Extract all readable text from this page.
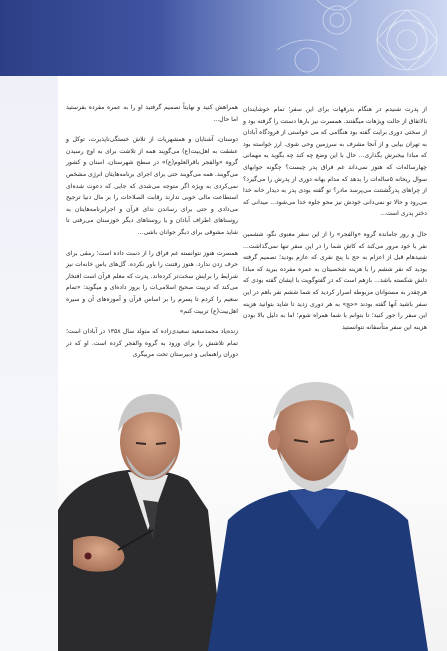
از پدرت شنیدم در هنگام بدرقهات برای این سفر؛ تمام خوشایندان بالاتفاق از حالت ویژهات میگفتند. همسرت نیز بارها دستت را گرفته بود و از سختی دوری برایت گفته بود هنگامی که می خواستی از فرودگاه آبادان به تهران بیایی و از آنجا مشرف به سرزمین وحی شوی. ارز خواسته بود که مبادا بیخبرش بگذاری... حال با این وضع چه کند چه بگوید به مهمانی چهارساله‌ات که هنوز نمی‌داند غم فراق پدر چیست؟ چگونه جوابهای سوال ریحانه ۵ساله‌ات را بدهد که مدام بهانه دوری از پدرش را می‌گیرد؟ از چراهای پدرکُشتنت می‌پرسد مادر؟ تو گفته بودی پدر به دیدار خانه خدا می‌رود و حالا تو نمی‌دانی خودش نیز محو جلوه خدا می‌شود... میدانی که دختر پدری است...

حال و روز جامانده گروه «والفجر» را از این سفر معنوی نگو، ششمین نفر با خود مرور می‌کند که کاش شما را در این سفر تنها نمی‌گذاشت... شنیدهام قبل از اعزام به حج با پنج نفری که عازم بودید؛ تصمیم گرفته بودید که نفر ششم را با هزینه شخصیتان به عمره مفرده ببرید که مبادا دلش شکسته باشد... بازهم است که در گفتوگویت با ایشان گفته بودی که هرچقدر به مستوانان مربوطه اصرار کردید که شما ششم نفر باهم در این سفر باشید آنها گفته بودند «حج» به هر دوری زدید تا شاید بتوانید هزینه این سفر را جور کنید؛ تا بتوانم با شما همراه شوم؛ اما به دلیل بالا بودن هزینه این سفر متأسفانه نتوانستید

همراهش کنید و نهایتاً تصمیم گرفتید او را به عمره مفرده بفرستید اما حال...

دوستان، آشنایان و همشهریات از تلاش خستگی‌ناپذیرت، توکل و عشقت به اهل‌بیت(ع) می‌گویند همه از تلاشت برای به اوج رسیدن گروه «والفجر باقرالعلوم(ع)» در سطح شهرستان، استان و کشور می‌گویند. همه می‌گویند حتی برای اجرای برنامه‌هایتان انرژی مشخص نمی‌کردی به ویژه اگر متوجه می‌شدی که جایی که دعوت شده‌ای استطاعت مالی خوبی ندارند رقابت الصلاحات را بر مال دنیا ترجیح می‌دادی و حتی برای رساندن ندای قرآن و اجرابرنامه‌هایتان به روستاهای اطراف آبادان و یا روستاهای دیگر خوزستان می‌رفتی تا شاید مشوقی برای دیگر جوانان باشی...

همسرت هنوز نتوانسته غم فراق را از دست داده است؛ رمقی برای حرف زدن ندارد. هنوز رفتنت را باور نکرده. گل‌های یاس خانه‌ات نیز شرایط را برایش سخت‌تر کرده‌اند. پدرت که معلم قرآن است افتخار می‌کند که تربیت صحیح اسلامی‌ات را بروز داده‌ای و میگوید: «تمام سعیم را کردم تا پسرم را بر اساس قرآن و آموزه‌های آن و سیره اهل‌بیت(ع) تربیت کنم»

زنده‌یاد محمدسعید سعیدی‌زاده که متولد سال ۱۳۵۸ در آبادان است؛ تمام تلاشش را برای ورود به گروه والفجر کرده است. او که در دوران راهنمایی و دبیرستان تحت مربیگری
